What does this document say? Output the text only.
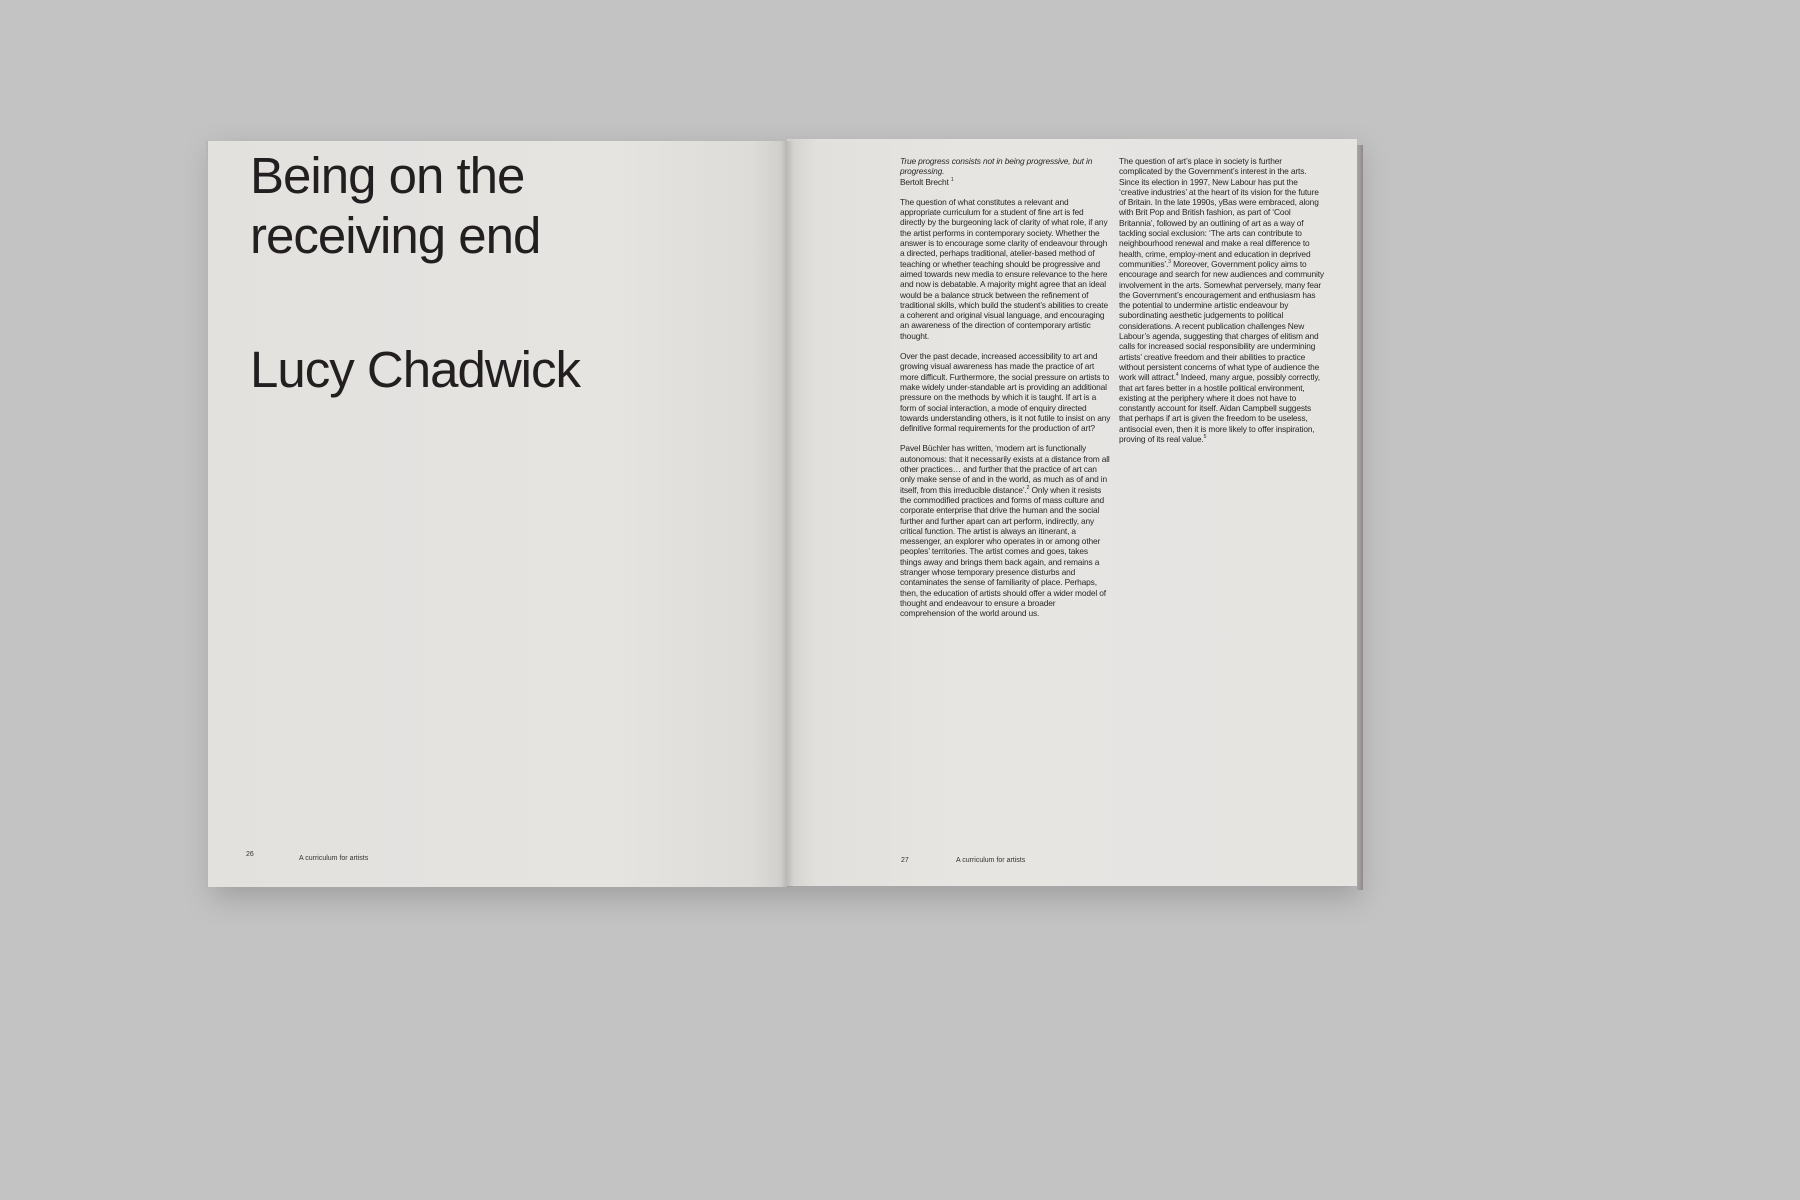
Being on the
receiving end
Lucy Chadwick
26
A curriculum for artists	27	A curriculum for artists
True progress consists not in being progressive, but in progressing.
Bertolt Brecht $^1$

The question of what constitutes a relevant and appropriate curriculum for a student of fine art is fed directly by the burgeoning lack of clarity of what role, if any the artist performs in contemporary society. Whether the answer is to encourage some clarity of endeavour through a directed, perhaps traditional, atelier-based method of teaching or whether teaching should be progressive and aimed towards new media to ensure relevance to the here and now is debatable. A majority might agree that an ideal would be a balance struck between the refinement of traditional skills, which build the student’s abilities to create a coherent and original visual language, and encouraging an awareness of the direction of contemporary artistic thought.

Over the past decade, increased accessibility to art and growing visual awareness has made the practice of art more difficult. Furthermore, the social pressure on artists to make widely under-standable art is providing an additional pressure on the methods by which it is taught. If art is a form of social interaction, a mode of enquiry directed towards understanding others, is it not futile to insist on any definitive formal requirements for the production of art?

Pavel Büchler has written, ‘modern art is functionally autonomous: that it necessarily exists at a distance from all other practices… and further that the practice of art can only make sense of and in the world, as much as of and in itself, from this irreducible distance’.$^2$ Only when it resists the commodified practices and forms of mass culture and corporate enterprise that drive the human and the social further and further apart can art perform, indirectly, any critical function. The artist is always an itinerant, a messenger, an explorer who operates in or among other peoples’ territories. The artist comes and goes, takes things away and brings them back again, and remains a stranger whose temporary presence disturbs and contaminates the sense of familiarity of place. Perhaps, then, the education of artists should offer a wider model of thought and endeavour to ensure a broader comprehension of the world around us.

The question of art’s place in society is further complicated by the Government’s interest in the arts. Since its election in 1997, New Labour has put the ‘creative industries’ at the heart of its vision for the future of Britain. In the late 1990s, yBas were embraced, along with Brit Pop and British fashion, as part of ‘Cool Britannia’, followed by an outlining of art as a way of tackling social exclusion: ‘The arts can contribute to neighbourhood renewal and make a real difference to health, crime, employ-ment and education in deprived communities’.$^3$ Moreover, Government policy aims to encourage and search for new audiences and community involvement in the arts. Somewhat perversely, many fear the Government’s encouragement and enthusiasm has the potential to undermine artistic endeavour by subordinating aesthetic judgements to political considerations. A recent publication challenges New Labour’s agenda, suggesting that charges of elitism and calls for increased social responsibility are undermining artists’ creative freedom and their abilities to practice without persistent concerns of what type of audience the work will attract.$^4$ Indeed, many argue, possibly correctly, that art fares better in a hostile political environment, existing at the periphery where it does not have to constantly account for itself. Aidan Campbell suggests that perhaps if art is given the freedom to be useless, antisocial even, then it is more likely to offer inspiration, proving of its real value.$^5$
